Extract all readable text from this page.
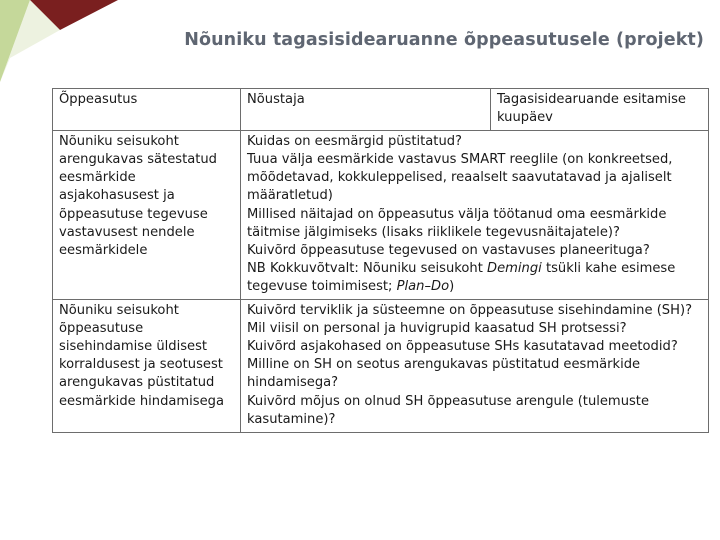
Nõuniku tagasisidearuanne õppeasutusele (projekt)
Õppeasutus	Nõustaja	Tagasisidearuande esitamise kuupäev
Nõuniku seisukoht arengukavas sätestatud eesmärkide asjakohasusest ja õppeasutuse tegevuse vastavusest nendele eesmärkidele	Kuidas on eesmärgid püstitatud?

Tuua välja eesmärkide vastavus SMART reeglile (on konkreetsed, mõõdetavad, kokkuleppelised, reaalselt saavutatavad ja ajaliselt määratletud)

Millised näitajad on õppeasutus välja töötanud oma eesmärkide täitmise jälgimiseks (lisaks riiklikele tegevusnäitajatele)?

Kuivõrd õppeasutuse tegevused on vastavuses planeerituga?

NB Kokkuvõtvalt: Nõuniku seisukoht Demingi tsükli kahe esimese tegevuse toimimisest; Plan–Do)	

Nõuniku seisukoht õppeasutuse sisehindamise üldisest korraldusest ja seotusest arengukavas püstitatud eesmärkide hindamisega	Kuivõrd terviklik ja süsteemne on õppeasutuse sisehindamine (SH)?

Mil viisil on personal ja huvigrupid kaasatud SH protsessi?

Kuivõrd asjakohased on õppeasutuse SHs kasutatavad meetodid?

Milline on SH on seotus arengukavas püstitatud eesmärkide hindamisega?

Kuivõrd mõjus on olnud SH õppeasutuse arengule (tulemuste kasutamine)?	
